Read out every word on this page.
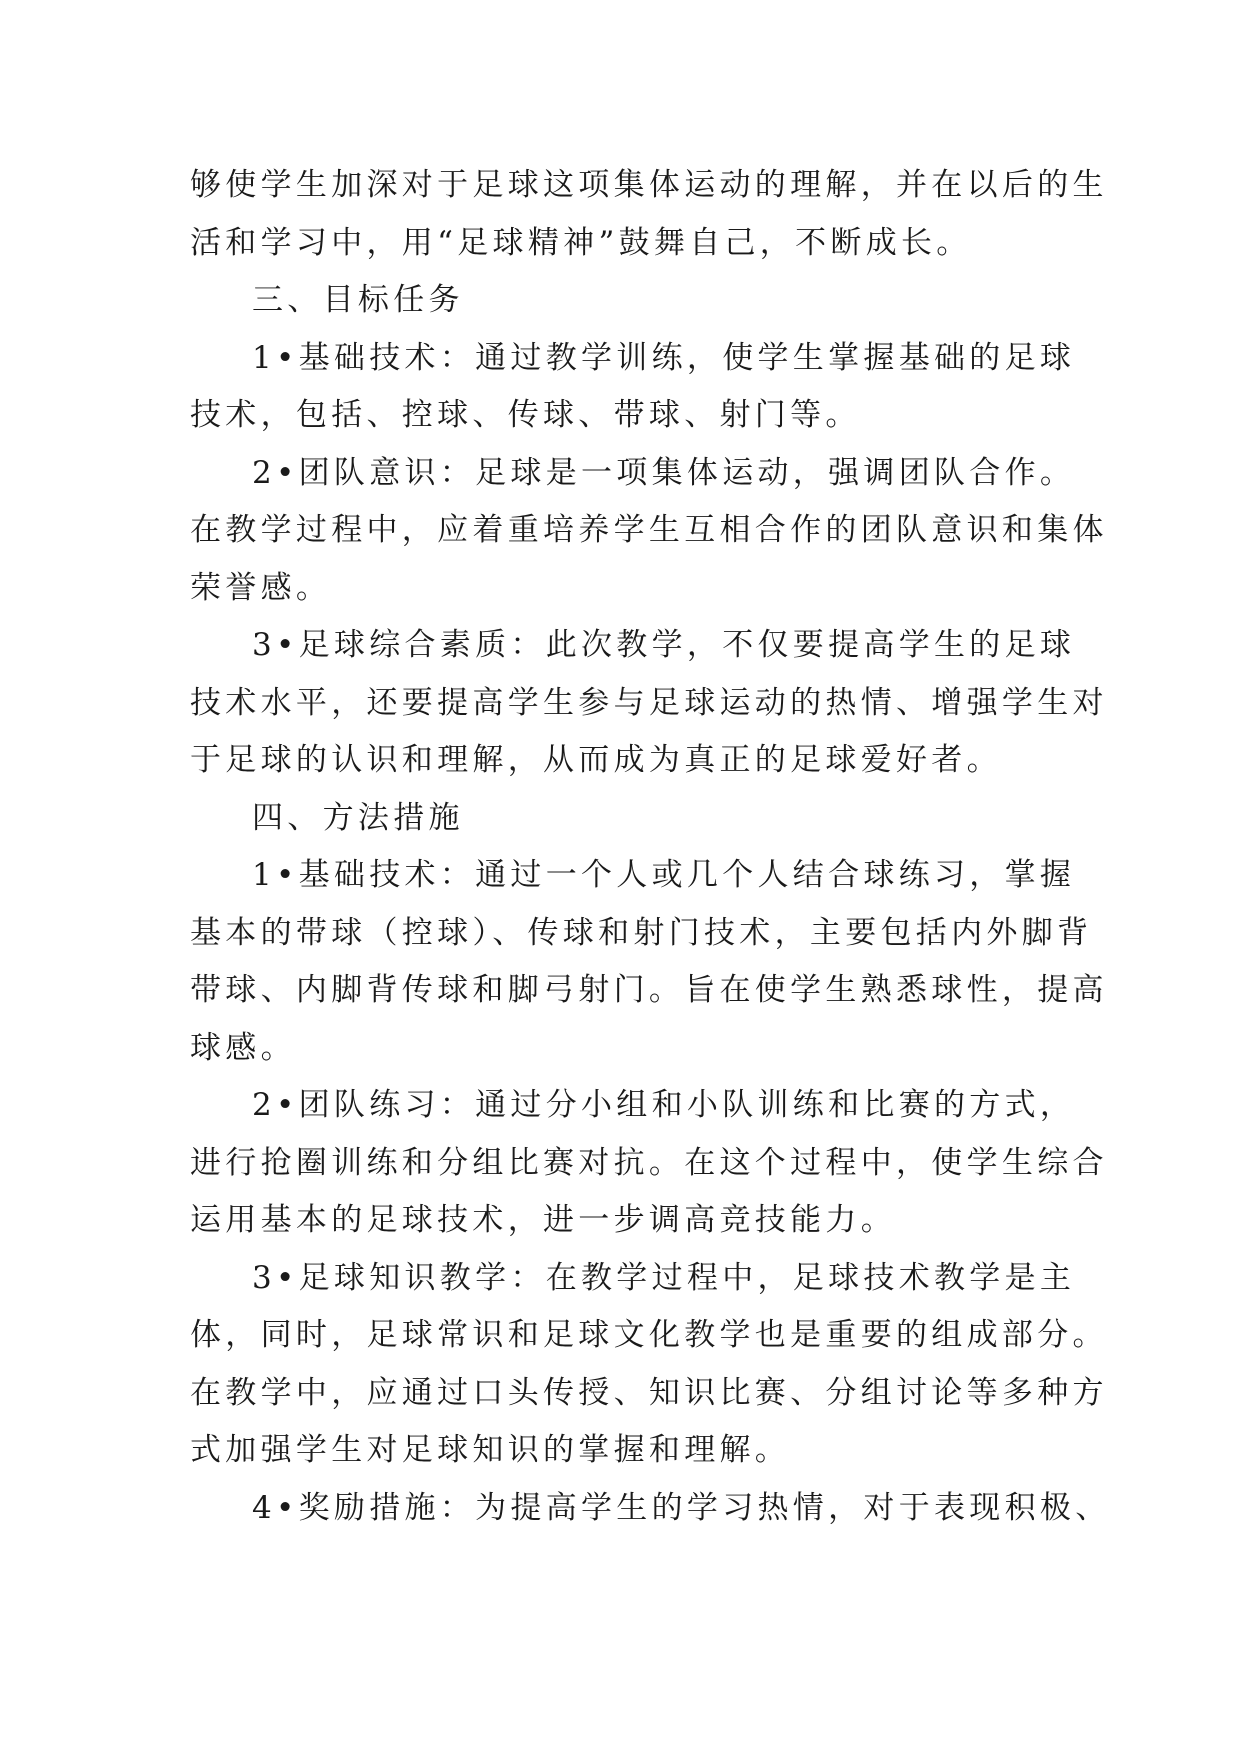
够使学生加深对于足球这项集体运动的理解，并在以后的生
活和学习中，用“足球精神”鼓舞自己，不断成长。
三、目标任务
1•基础技术：通过教学训练，使学生掌握基础的足球
技术，包括、控球、传球、带球、射门等。
2•团队意识：足球是一项集体运动，强调团队合作。
在教学过程中，应着重培养学生互相合作的团队意识和集体
荣誉感。
3•足球综合素质：此次教学，不仅要提高学生的足球
技术水平，还要提高学生参与足球运动的热情、增强学生对
于足球的认识和理解，从而成为真正的足球爱好者。
四、方法措施
1•基础技术：通过一个人或几个人结合球练习，掌握
基本的带球（控球）、传球和射门技术，主要包括内外脚背
带球、内脚背传球和脚弓射门。旨在使学生熟悉球性，提高
球感。
2•团队练习：通过分小组和小队训练和比赛的方式，
进行抢圈训练和分组比赛对抗。在这个过程中，使学生综合
运用基本的足球技术，进一步调高竞技能力。
3•足球知识教学：在教学过程中，足球技术教学是主
体，同时，足球常识和足球文化教学也是重要的组成部分。
在教学中，应通过口头传授、知识比赛、分组讨论等多种方
式加强学生对足球知识的掌握和理解。
4•奖励措施：为提高学生的学习热情，对于表现积极、
